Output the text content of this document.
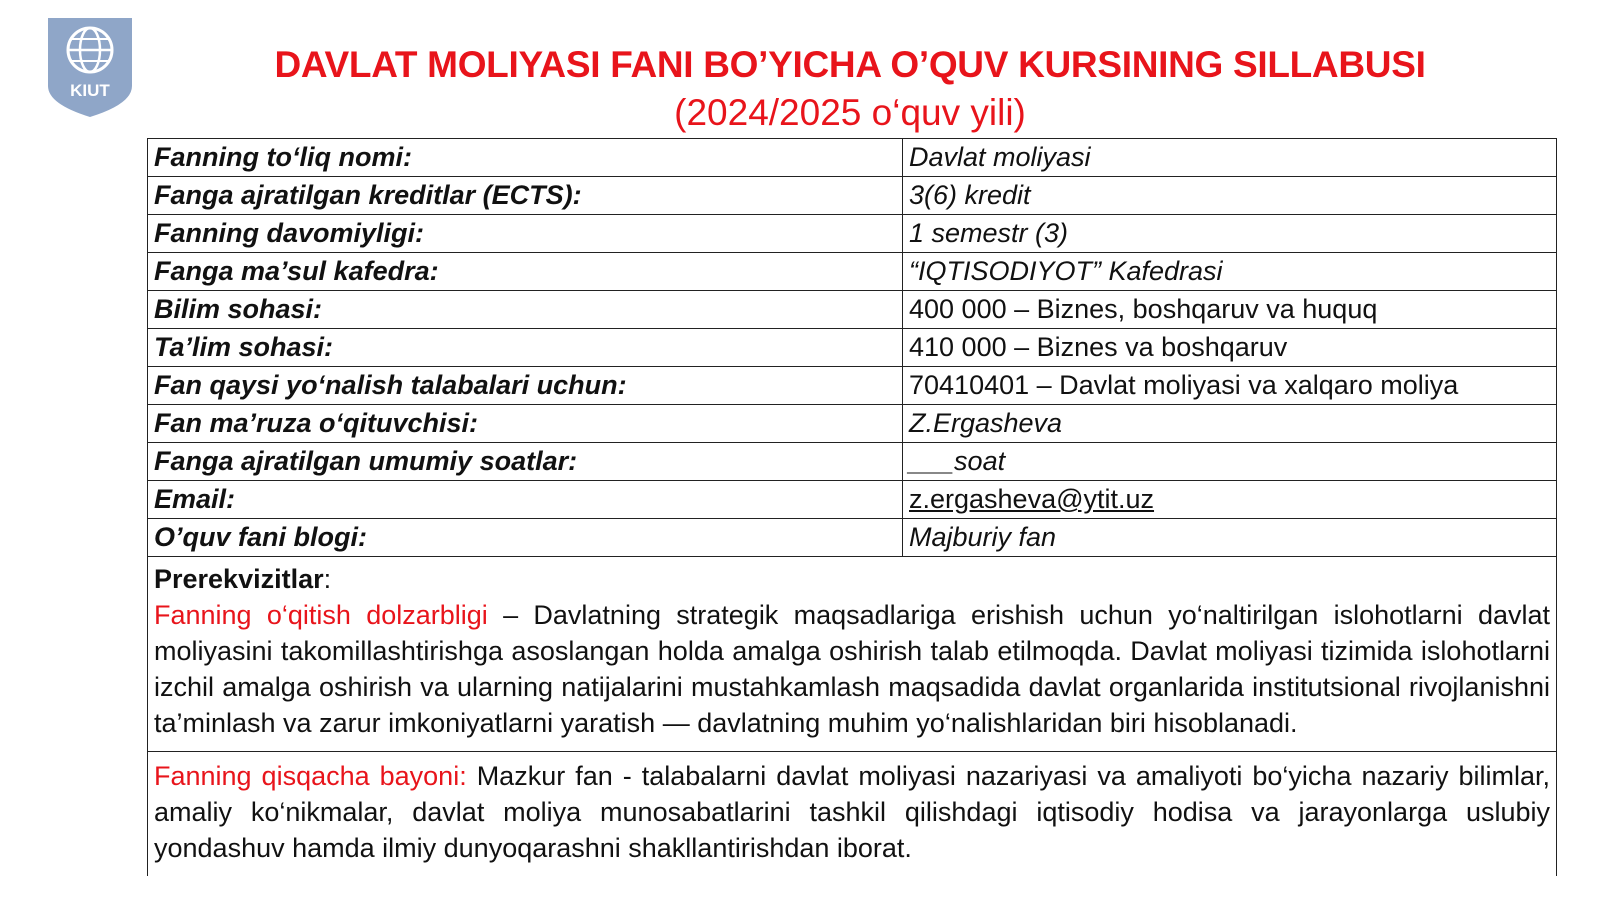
KIUT
DAVLAT MOLIYASI FANI BO’YICHA O’QUV KURSINING SILLABUSI
(2024/2025 o‘quv yili)
Fanning to‘liq nomi:	Davlat moliyasi
Fanga ajratilgan kreditlar (ECTS):	3(6) kredit
Fanning davomiyligi:	1 semestr (3)
Fanga ma’sul kafedra:	“IQTISODIYOT” Kafedrasi
Bilim sohasi:	400 000 – Biznes, boshqaruv va huquq
Ta’lim sohasi:	410 000 – Biznes va boshqaruv
Fan qaysi yo‘nalish talabalari uchun:	70410401 – Davlat moliyasi va xalqaro moliya
Fan ma’ruza o‘qituvchisi:	Z.Ergasheva
Fanga ajratilgan umumiy soatlar:	___soat
Email:	z.ergasheva@ytit.uz
O’quv fani blogi:	Majburiy fan
Prerekvizitlar:
Fanning o‘qitish dolzarbligi – Davlatning strategik maqsadlariga erishish uchun yo‘naltirilgan islohotlarni davlat moliyasini takomillashtirishga asoslangan holda amalga oshirish talab etilmoqda. Davlat moliyasi tizimida islohotlarni izchil amalga oshirish va ularning natijalarini mustahkamlash maqsadida davlat organlarida institutsional rivojlanishni ta’minlash va zarur imkoniyatlarni yaratish — davlatning muhim yo‘nalishlaridan biri hisoblanadi.
Fanning qisqacha bayoni: Mazkur fan - talabalarni davlat moliyasi nazariyasi va amaliyoti bo‘yicha nazariy bilimlar, amaliy ko‘nikmalar, davlat moliya munosabatlarini tashkil qilishdagi iqtisodiy hodisa va jarayonlarga uslubiy yondashuv hamda ilmiy dunyoqarashni shakllantirishdan iborat.
